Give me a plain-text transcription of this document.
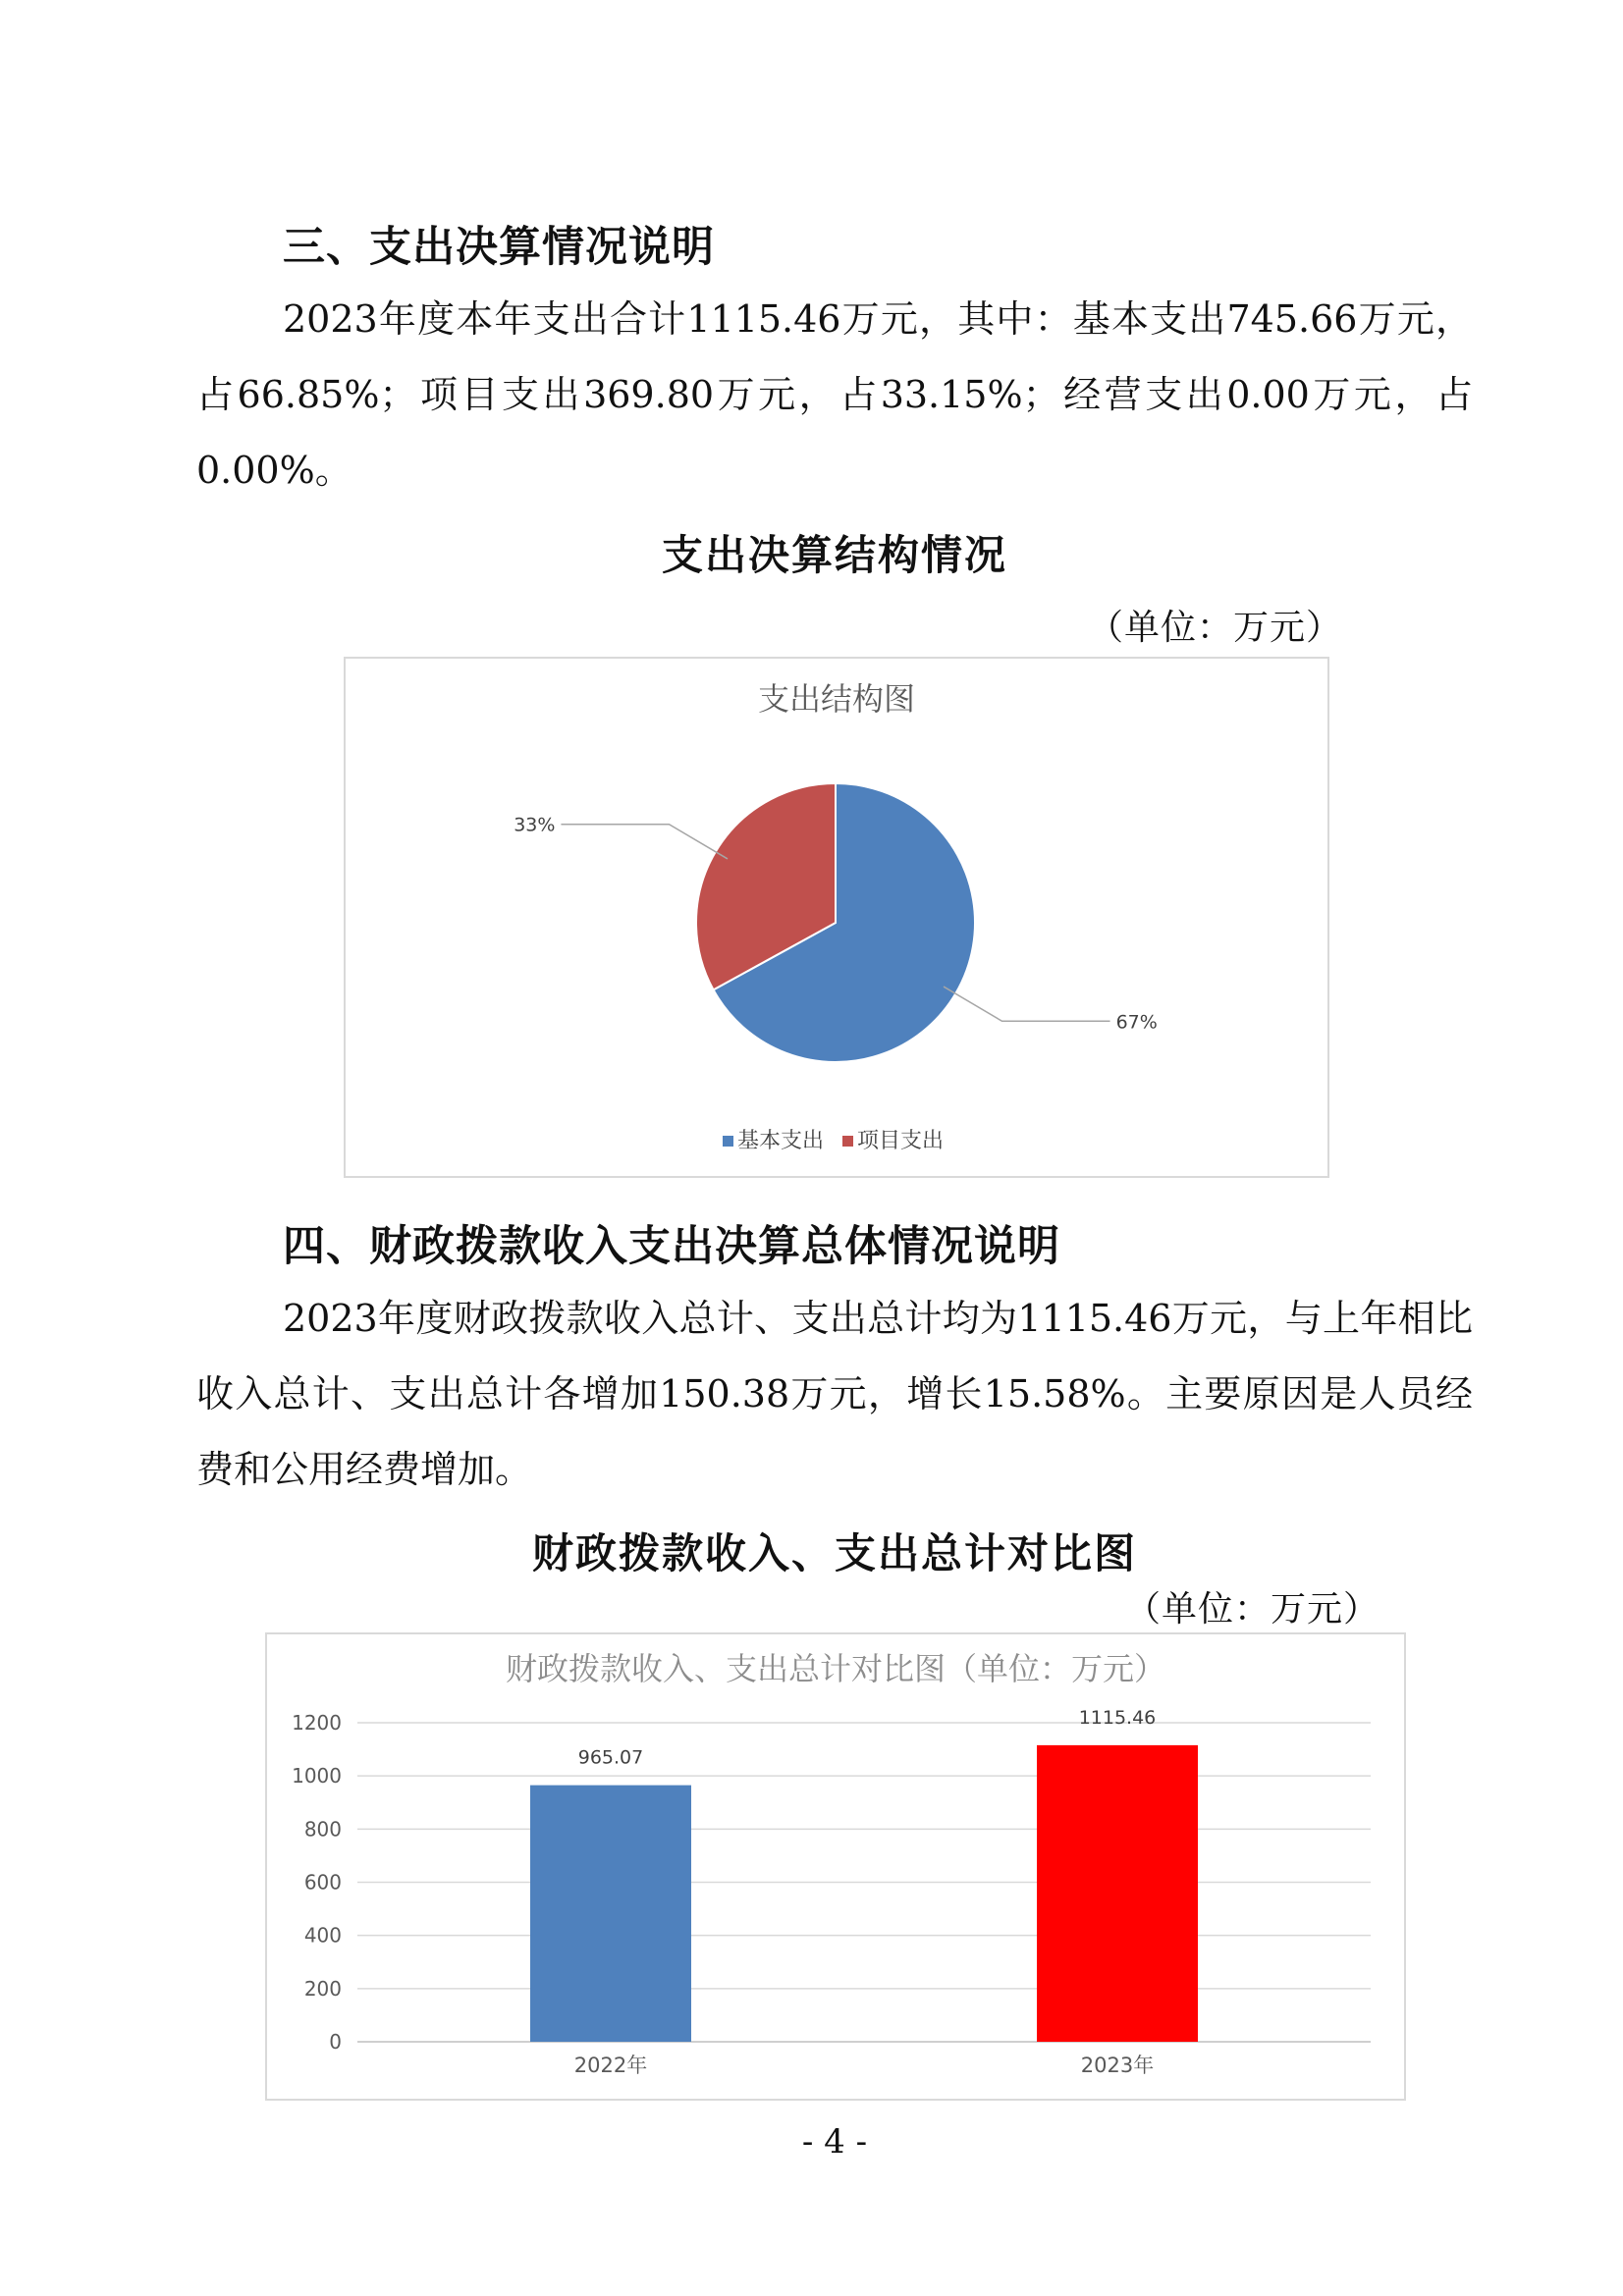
三、支出决算情况说明

2023年度本年支出合计1115.46万元，其中：基本支出745.66万元，占66.85%；项目支出369.80万元，占33.15%；经营支出0.00万元，占0.00%。

支出决算结构情况
（单位：万元）
支出结构图
67%
33%
基本支出 项目支出
四、财政拨款收入支出决算总体情况说明

2023年度财政拨款收入总计、支出总计均为1115.46万元，与上年相比收入总计、支出总计各增加150.38万元，增长15.58%。主要原因是人员经费和公用经费增加。

财政拨款收入、支出总计对比图
（单位：万元）
财政拨款收入、支出总计对比图（单位：万元）
0
200
400
600
800
1000
1200
965.07
2022年
1115.46
2023年
- 4 -
